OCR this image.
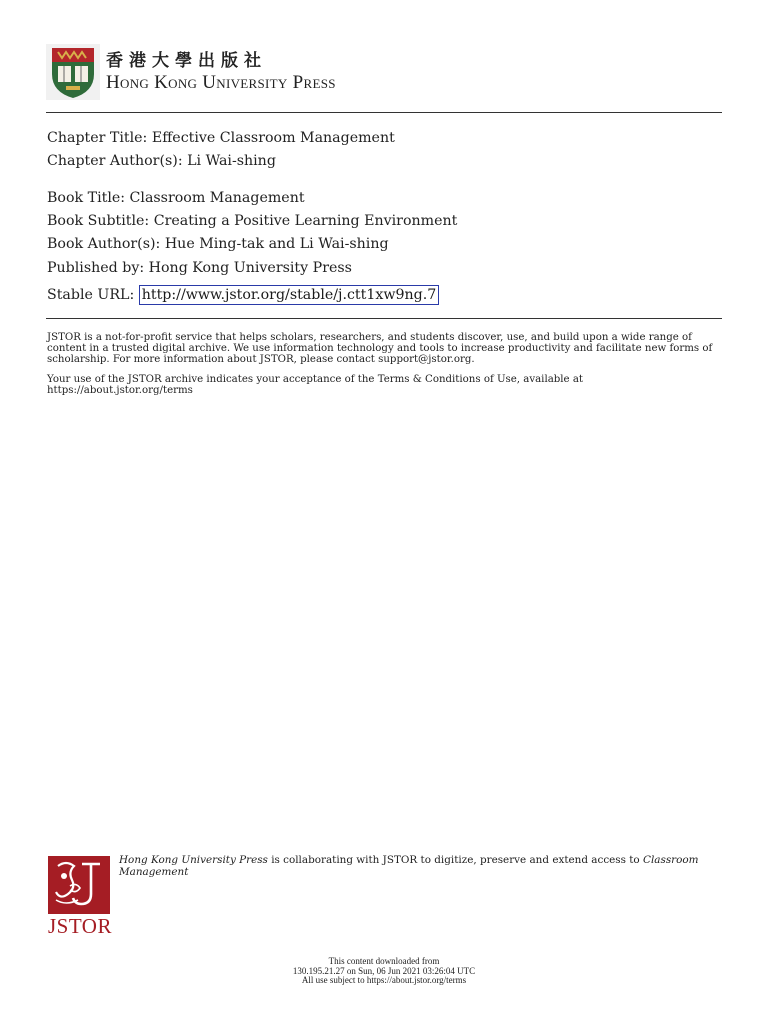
香港大學出版社
Hong Kong University Press
Chapter Title: Effective Classroom Management
Chapter Author(s): Li Wai-shing
Book Title: Classroom Management
Book Subtitle: Creating a Positive Learning Environment
Book Author(s): Hue Ming-tak and Li Wai-shing
Published by: Hong Kong University Press
Stable URL: http://www.jstor.org/stable/j.ctt1xw9ng.7
JSTOR is a not-for-profit service that helps scholars, researchers, and students discover, use, and build upon a wide range of content in a trusted digital archive. We use information technology and tools to increase productivity and facilitate new forms of scholarship. For more information about JSTOR, please contact support@jstor.org.
Your use of the JSTOR archive indicates your acceptance of the Terms & Conditions of Use, available at https://about.jstor.org/terms
JSTOR
Hong Kong University Press is collaborating with JSTOR to digitize, preserve and extend access to Classroom Management
This content downloaded from
130.195.21.27 on Sun, 06 Jun 2021 03:26:04 UTC
All use subject to https://about.jstor.org/terms
